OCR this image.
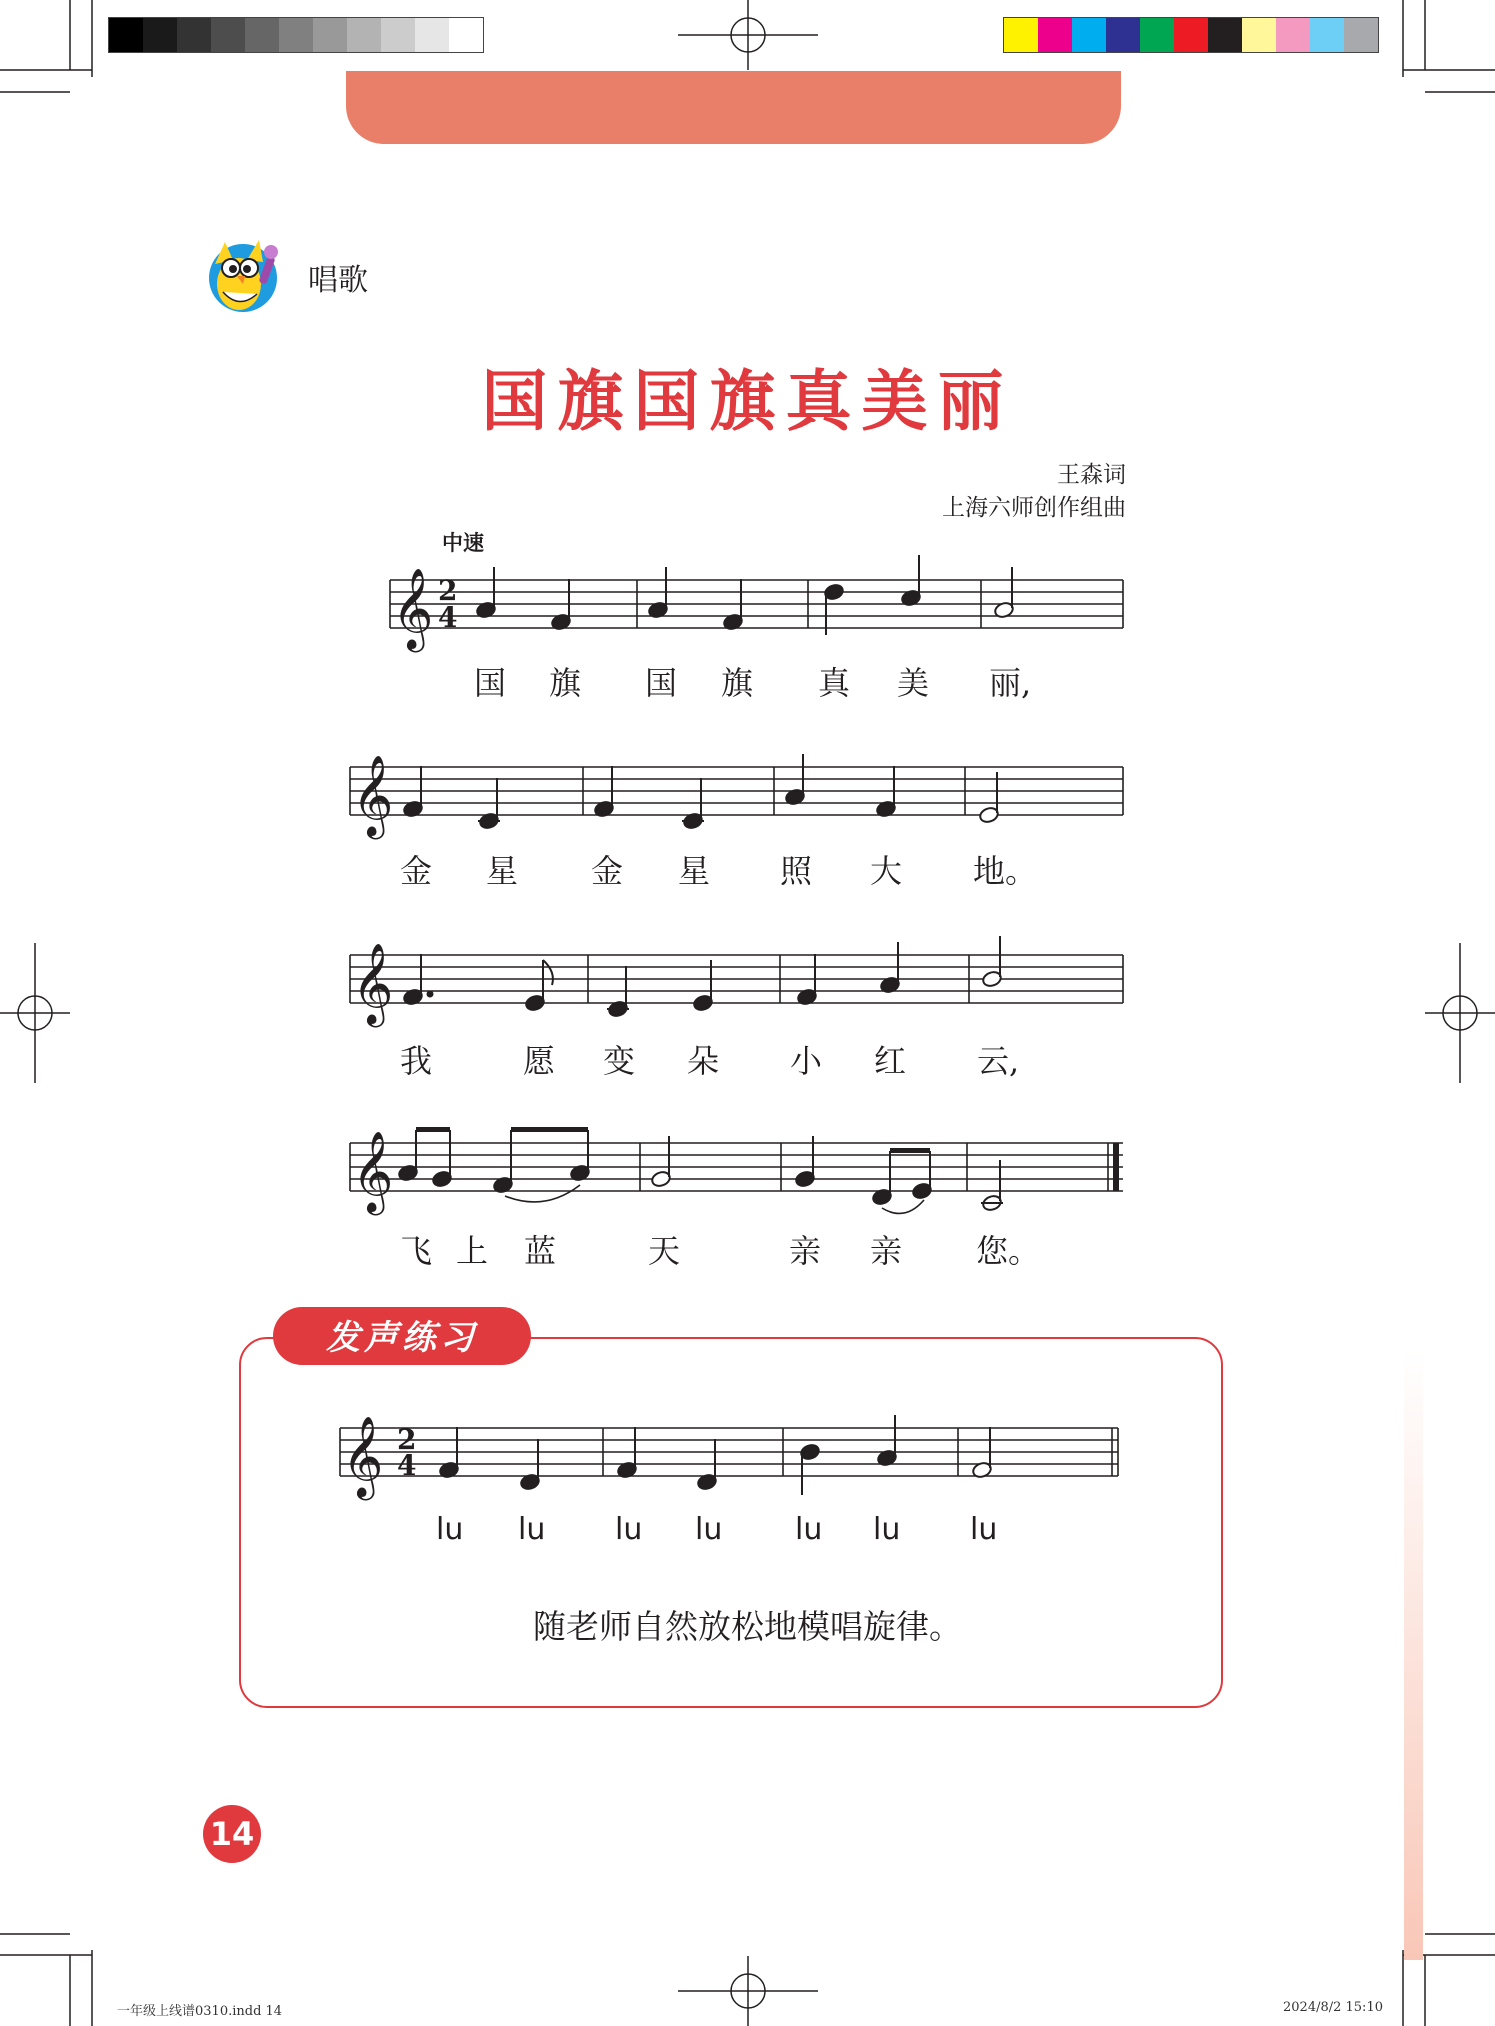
唱歌
国旗国旗真美丽
王森词
上海六师创作组曲
中速
𝄞
𝄞
𝄞
𝄞
𝄞
2
4
2
4
国 旗 国 旗 真 美 丽,
金 星 金 星 照 大 地。
我	愿 变 朵 小 红 云,
飞 上 蓝	天	亲 亲 您。
发声练习
lu lu lu lu lu lu lu
随老师自然放松地模唱旋律。
14
一年级上线谱0310.indd 14	2024/8/2 15:10
